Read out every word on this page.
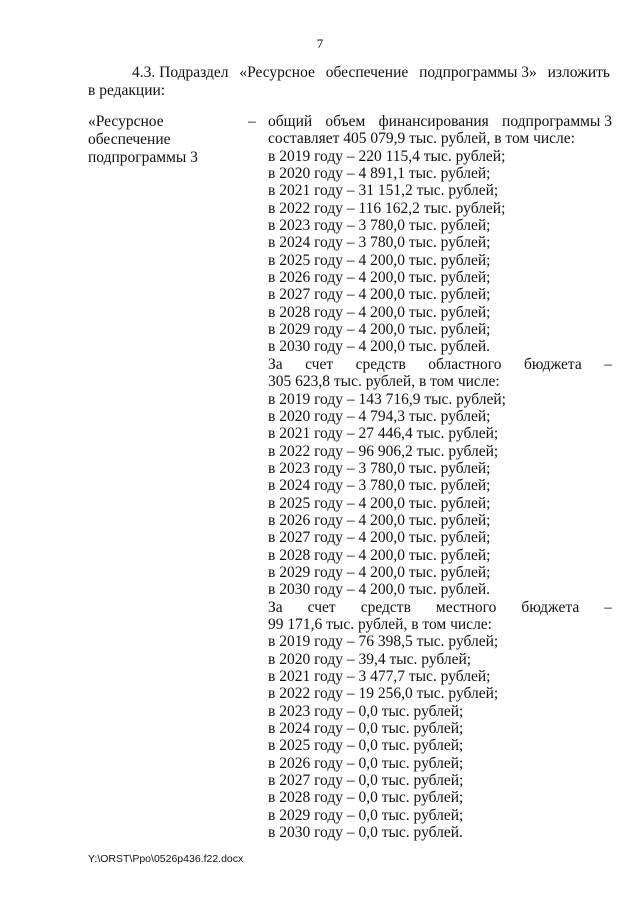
7
4.3. Подраздел «Ресурсное обеспечение подпрограммы 3» изложить
в редакции:
«Ресурсное
обеспечение
подпрограммы 3
– общий объем финансирования подпрограммы 3
составляет 405 079,9 тыс. рублей, в том числе:
в 2019 году – 220 115,4 тыс. рублей;
в 2020 году – 4 891,1 тыс. рублей;
в 2021 году – 31 151,2 тыс. рублей;
в 2022 году – 116 162,2 тыс. рублей;
в 2023 году – 3 780,0 тыс. рублей;
в 2024 году – 3 780,0 тыс. рублей;
в 2025 году – 4 200,0 тыс. рублей;
в 2026 году – 4 200,0 тыс. рублей;
в 2027 году – 4 200,0 тыс. рублей;
в 2028 году – 4 200,0 тыс. рублей;
в 2029 году – 4 200,0 тыс. рублей;
в 2030 году – 4 200,0 тыс. рублей.
За счет средств областного бюджета –
305 623,8 тыс. рублей, в том числе:
в 2019 году – 143 716,9 тыс. рублей;
в 2020 году – 4 794,3 тыс. рублей;
в 2021 году – 27 446,4 тыс. рублей;
в 2022 году – 96 906,2 тыс. рублей;
в 2023 году – 3 780,0 тыс. рублей;
в 2024 году – 3 780,0 тыс. рублей;
в 2025 году – 4 200,0 тыс. рублей;
в 2026 году – 4 200,0 тыс. рублей;
в 2027 году – 4 200,0 тыс. рублей;
в 2028 году – 4 200,0 тыс. рублей;
в 2029 году – 4 200,0 тыс. рублей;
в 2030 году – 4 200,0 тыс. рублей.
За счет средств местного бюджета –
99 171,6 тыс. рублей, в том числе:
в 2019 году – 76 398,5 тыс. рублей;
в 2020 году – 39,4 тыс. рублей;
в 2021 году – 3 477,7 тыс. рублей;
в 2022 году – 19 256,0 тыс. рублей;
в 2023 году – 0,0 тыс. рублей;
в 2024 году – 0,0 тыс. рублей;
в 2025 году – 0,0 тыс. рублей;
в 2026 году – 0,0 тыс. рублей;
в 2027 году – 0,0 тыс. рублей;
в 2028 году – 0,0 тыс. рублей;
в 2029 году – 0,0 тыс. рублей;
в 2030 году – 0,0 тыс. рублей.
Y:\ORST\Ppo\0526p436.f22.docx
